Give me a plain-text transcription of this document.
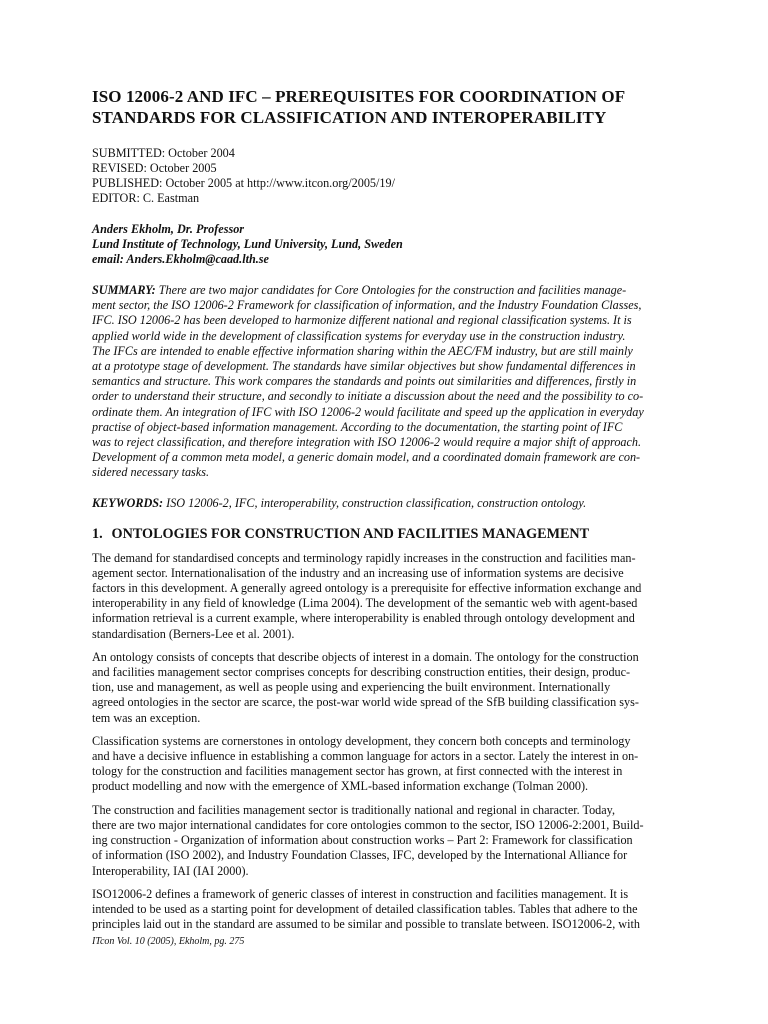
ISO 12006-2 AND IFC – PREREQUISITES FOR COORDINATION OF
STANDARDS FOR CLASSIFICATION AND INTEROPERABILITY
SUBMITTED: October 2004
REVISED: October 2005
PUBLISHED: October 2005 at http://www.itcon.org/2005/19/
EDITOR: C. Eastman
Anders Ekholm, Dr. Professor
Lund Institute of Technology, Lund University, Lund, Sweden
email: Anders.Ekholm@caad.lth.se
SUMMARY: There are two major candidates for Core Ontologies for the construction and facilities manage-
ment sector, the ISO 12006-2 Framework for classification of information, and the Industry Foundation Classes,
IFC. ISO 12006-2 has been developed to harmonize different national and regional classification systems. It is
applied world wide in the development of classification systems for everyday use in the construction industry.
The IFCs are intended to enable effective information sharing within the AEC/FM industry, but are still mainly
at a prototype stage of development. The standards have similar objectives but show fundamental differences in
semantics and structure. This work compares the standards and points out similarities and differences, firstly in
order to understand their structure, and secondly to initiate a discussion about the need and the possibility to co-
ordinate them. An integration of IFC with ISO 12006-2 would facilitate and speed up the application in everyday
practise of object-based information management. According to the documentation, the starting point of IFC
was to reject classification, and therefore integration with ISO 12006-2 would require a major shift of approach.
Development of a common meta model, a generic domain model, and a coordinated domain framework are con-
sidered necessary tasks.
KEYWORDS: ISO 12006-2, IFC, interoperability, construction classification, construction ontology.
1. ONTOLOGIES FOR CONSTRUCTION AND FACILITIES MANAGEMENT
The demand for standardised concepts and terminology rapidly increases in the construction and facilities man-
agement sector. Internationalisation of the industry and an increasing use of information systems are decisive
factors in this development. A generally agreed ontology is a prerequisite for effective information exchange and
interoperability in any field of knowledge (Lima 2004). The development of the semantic web with agent-based
information retrieval is a current example, where interoperability is enabled through ontology development and
standardisation (Berners-Lee et al. 2001).
An ontology consists of concepts that describe objects of interest in a domain. The ontology for the construction
and facilities management sector comprises concepts for describing construction entities, their design, produc-
tion, use and management, as well as people using and experiencing the built environment. Internationally
agreed ontologies in the sector are scarce, the post-war world wide spread of the SfB building classification sys-
tem was an exception.
Classification systems are cornerstones in ontology development, they concern both concepts and terminology
and have a decisive influence in establishing a common language for actors in a sector. Lately the interest in on-
tology for the construction and facilities management sector has grown, at first connected with the interest in
product modelling and now with the emergence of XML-based information exchange (Tolman 2000).
The construction and facilities management sector is traditionally national and regional in character. Today,
there are two major international candidates for core ontologies common to the sector, ISO 12006-2:2001, Build-
ing construction - Organization of information about construction works – Part 2: Framework for classification
of information (ISO 2002), and Industry Foundation Classes, IFC, developed by the International Alliance for
Interoperability, IAI (IAI 2000).
ISO12006-2 defines a framework of generic classes of interest in construction and facilities management. It is
intended to be used as a starting point for development of detailed classification tables. Tables that adhere to the
principles laid out in the standard are assumed to be similar and possible to translate between. ISO12006-2, with
ITcon Vol. 10 (2005), Ekholm, pg. 275
